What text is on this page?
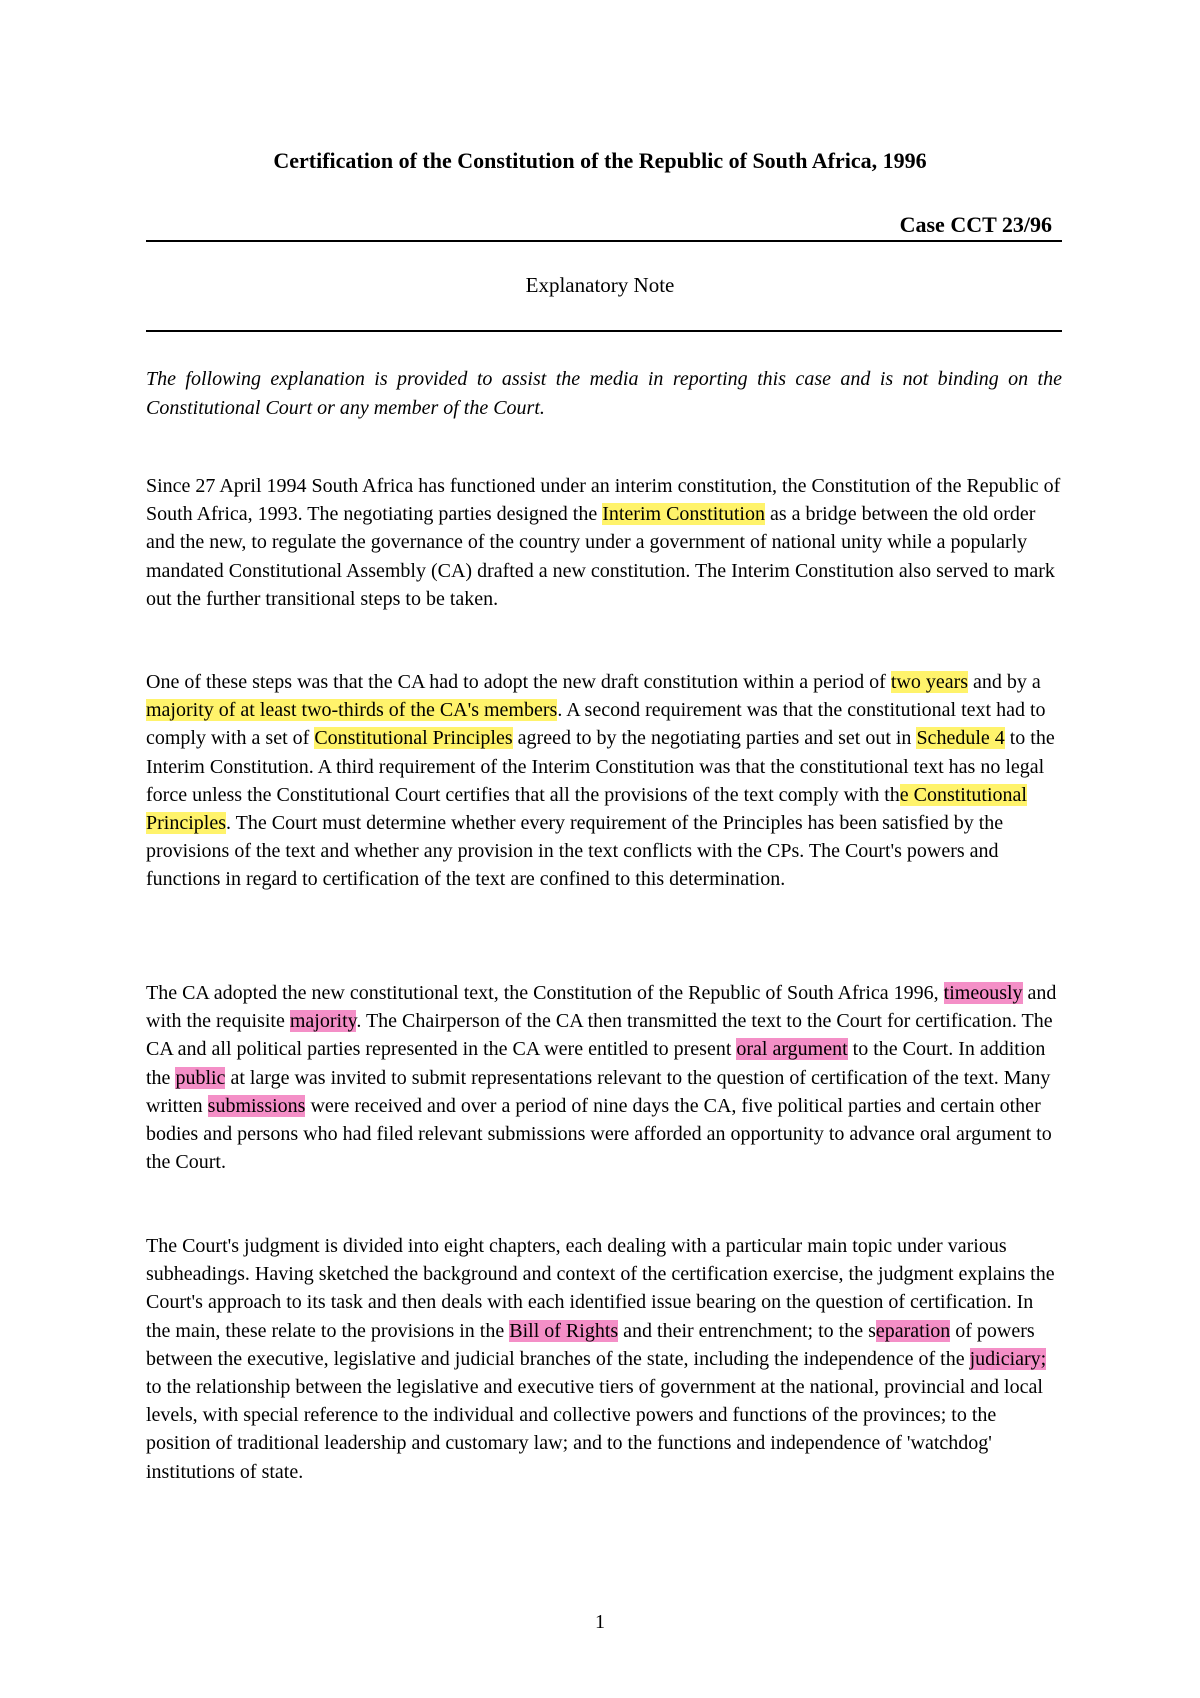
Certification of the Constitution of the Republic of South Africa, 1996
Case CCT 23/96
Explanatory Note
The following explanation is provided to assist the media in reporting this case and is not binding on the Constitutional Court or any member of the Court.

Since 27 April 1994 South Africa has functioned under an interim constitution, the Constitution of the Republic of South Africa, 1993. The negotiating parties designed the Interim Constitution as a bridge between the old order and the new, to regulate the governance of the country under a government of national unity while a popularly mandated Constitutional Assembly (CA) drafted a new constitution. The Interim Constitution also served to mark out the further transitional steps to be taken.

One of these steps was that the CA had to adopt the new draft constitution within a period of two years and by a majority of at least two-thirds of the CA's members. A second requirement was that the constitutional text had to comply with a set of Constitutional Principles agreed to by the negotiating parties and set out in Schedule 4 to the Interim Constitution. A third requirement of the Interim Constitution was that the constitutional text has no legal force unless the Constitutional Court certifies that all the provisions of the text comply with the Constitutional Principles. The Court must determine whether every requirement of the Principles has been satisfied by the provisions of the text and whether any provision in the text conflicts with the CPs. The Court's powers and functions in regard to certification of the text are confined to this determination.

The CA adopted the new constitutional text, the Constitution of the Republic of South Africa 1996, timeously and with the requisite majority. The Chairperson of the CA then transmitted the text to the Court for certification. The CA and all political parties represented in the CA were entitled to present oral argument to the Court. In addition the public at large was invited to submit representations relevant to the question of certification of the text. Many written submissions were received and over a period of nine days the CA, five political parties and certain other bodies and persons who had filed relevant submissions were afforded an opportunity to advance oral argument to the Court.

The Court's judgment is divided into eight chapters, each dealing with a particular main topic under various subheadings. Having sketched the background and context of the certification exercise, the judgment explains the Court's approach to its task and then deals with each identified issue bearing on the question of certification. In the main, these relate to the provisions in the Bill of Rights and their entrenchment; to the separation of powers between the executive, legislative and judicial branches of the state, including the independence of the judiciary; to the relationship between the legislative and executive tiers of government at the national, provincial and local levels, with special reference to the individual and collective powers and functions of the provinces; to the position of traditional leadership and customary law; and to the functions and independence of 'watchdog' institutions of state.

1
